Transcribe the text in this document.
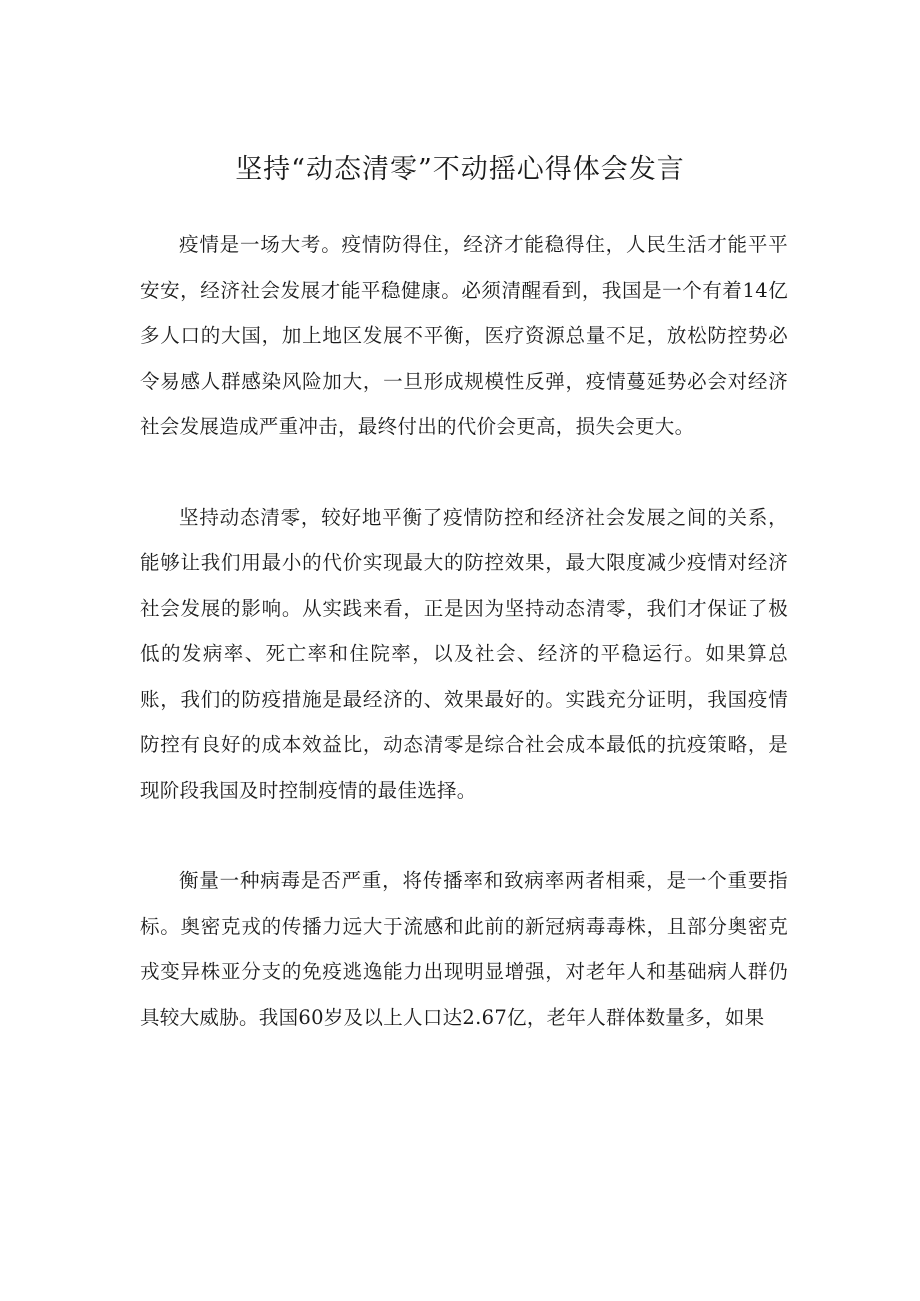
坚持“动态清零”不动摇心得体会发言

疫情是一场大考。疫情防得住，经济才能稳得住，人民生活才能平平安安，经济社会发展才能平稳健康。必须清醒看到，我国是一个有着14亿多人口的大国，加上地区发展不平衡，医疗资源总量不足，放松防控势必令易感人群感染风险加大，一旦形成规模性反弹，疫情蔓延势必会对经济社会发展造成严重冲击，最终付出的代价会更高，损失会更大。

坚持动态清零，较好地平衡了疫情防控和经济社会发展之间的关系，能够让我们用最小的代价实现最大的防控效果，最大限度减少疫情对经济社会发展的影响。从实践来看，正是因为坚持动态清零，我们才保证了极低的发病率、死亡率和住院率，以及社会、经济的平稳运行。如果算总账，我们的防疫措施是最经济的、效果最好的。实践充分证明，我国疫情防控有良好的成本效益比，动态清零是综合社会成本最低的抗疫策略，是现阶段我国及时控制疫情的最佳选择。

衡量一种病毒是否严重，将传播率和致病率两者相乘，是一个重要指标。奥密克戎的传播力远大于流感和此前的新冠病毒毒株，且部分奥密克戎变异株亚分支的免疫逃逸能力出现明显增强，对老年人和基础病人群仍具较大威胁。我国60岁及以上人口达2.67亿，老年人群体数量多，如果
